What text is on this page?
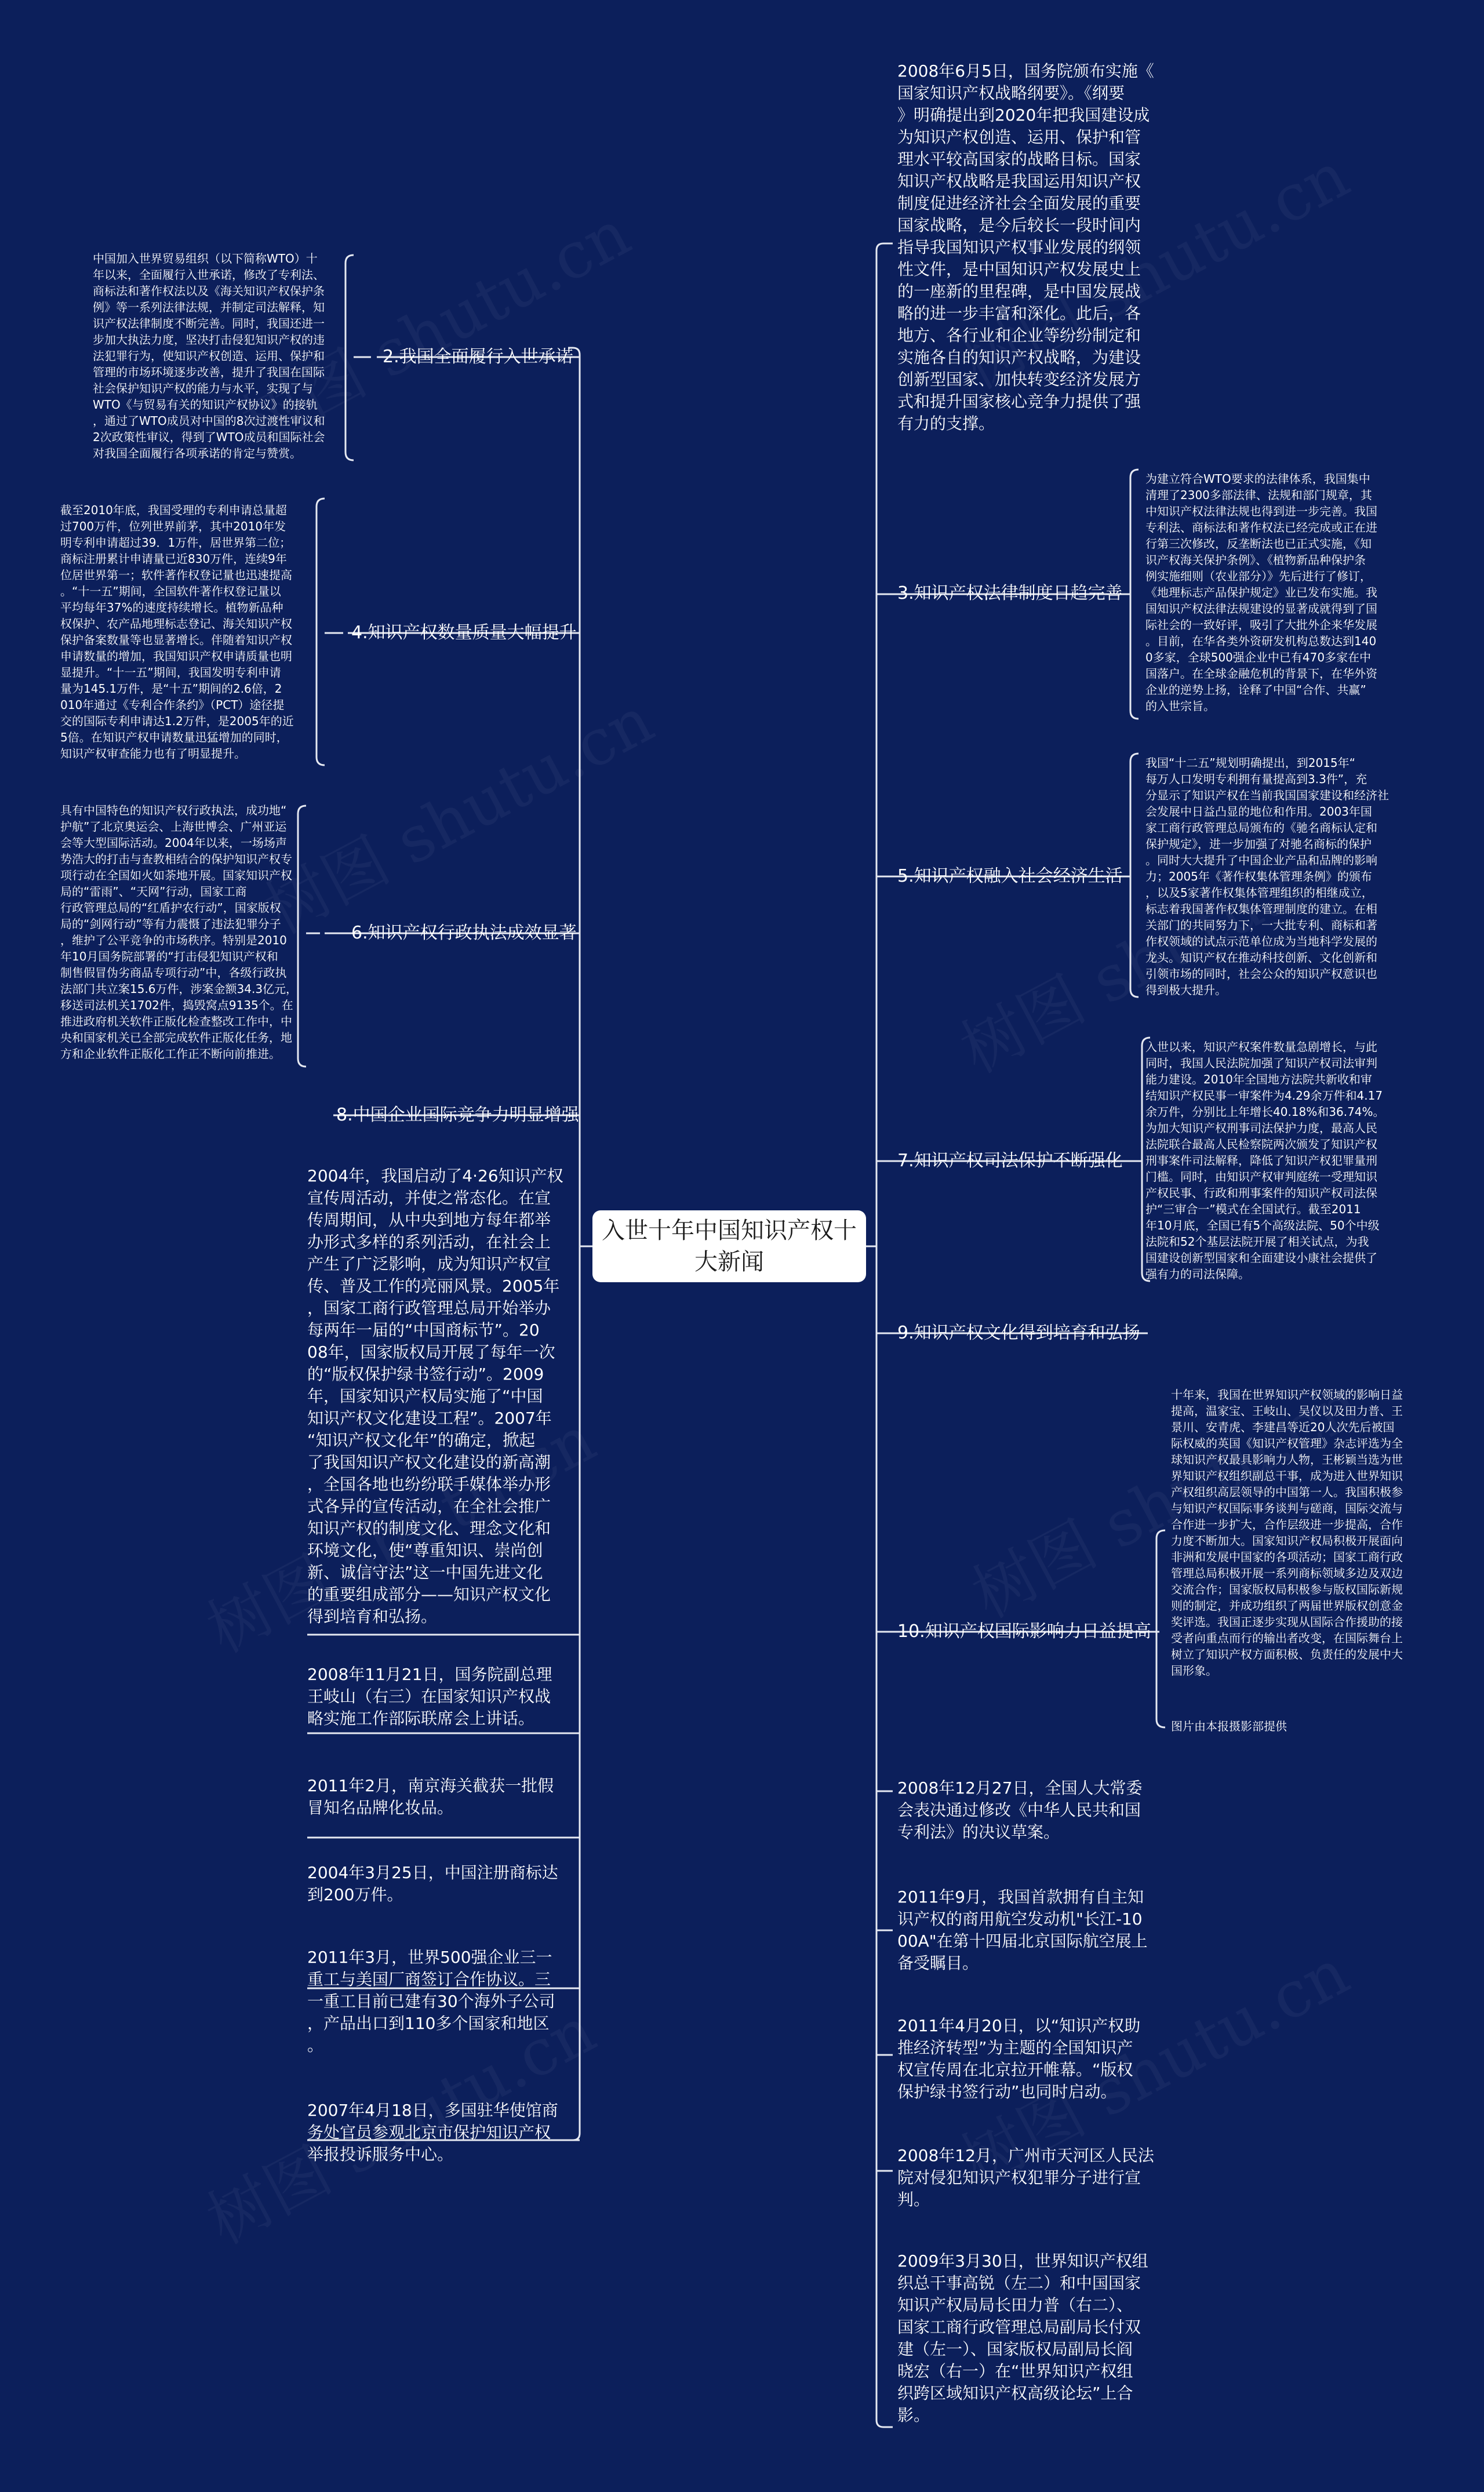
入世十年中国知识产权十
大新闻
2.我国全面履行入世承诺
4.知识产权数量质量大幅提升
6.知识产权行政执法成效显著
8.中国企业国际竞争力明显增强
中国加入世界贸易组织（以下简称WTO）十
年以来，全面履行入世承诺，修改了专利法、
商标法和著作权法以及《海关知识产权保护条
例》等一系列法律法规，并制定司法解释，知
识产权法律制度不断完善。同时，我国还进一
步加大执法力度，坚决打击侵犯知识产权的违
法犯罪行为，使知识产权创造、运用、保护和
管理的市场环境逐步改善，提升了我国在国际
社会保护知识产权的能力与水平，实现了与
WTO《与贸易有关的知识产权协议》的接轨
，通过了WTO成员对中国的8次过渡性审议和
2次政策性审议，得到了WTO成员和国际社会
对我国全面履行各项承诺的肯定与赞赏。
截至2010年底，我国受理的专利申请总量超
过700万件，位列世界前茅，其中2010年发
明专利申请超过39．1万件，居世界第二位；
商标注册累计申请量已近830万件，连续9年
位居世界第一；软件著作权登记量也迅速提高
。“十一五”期间，全国软件著作权登记量以
平均每年37%的速度持续增长。植物新品种
权保护、农产品地理标志登记、海关知识产权
保护备案数量等也显著增长。伴随着知识产权
申请数量的增加，我国知识产权申请质量也明
显提升。“十一五”期间，我国发明专利申请
量为145.1万件，是“十五”期间的2.6倍，2
010年通过《专利合作条约》（PCT）途径提
交的国际专利申请达1.2万件，是2005年的近
5倍。在知识产权申请数量迅猛增加的同时，
知识产权审查能力也有了明显提升。
具有中国特色的知识产权行政执法，成功地“
护航”了北京奥运会、上海世博会、广州亚运
会等大型国际活动。2004年以来，一场场声
势浩大的打击与查教相结合的保护知识产权专
项行动在全国如火如荼地开展。国家知识产权
局的“雷雨”、“天网”行动，国家工商
行政管理总局的“红盾护农行动”，国家版权
局的“剑网行动”等有力震慑了违法犯罪分子
，维护了公平竞争的市场秩序。特别是2010
年10月国务院部署的“打击侵犯知识产权和
制售假冒伪劣商品专项行动”中，各级行政执
法部门共立案15.6万件，涉案金额34.3亿元，
移送司法机关1702件，捣毁窝点9135个。在
推进政府机关软件正版化检查整改工作中，中
央和国家机关已全部完成软件正版化任务，地
方和企业软件正版化工作正不断向前推进。
2004年，我国启动了4·26知识产权
宣传周活动，并使之常态化。在宣
传周期间，从中央到地方每年都举
办形式多样的系列活动，在社会上
产生了广泛影响，成为知识产权宣
传、普及工作的亮丽风景。2005年
，国家工商行政管理总局开始举办
每两年一届的“中国商标节”。20
08年，国家版权局开展了每年一次
的“版权保护绿书签行动”。2009
年，国家知识产权局实施了“中国
知识产权文化建设工程”。2007年
“知识产权文化年”的确定，掀起
了我国知识产权文化建设的新高潮
，全国各地也纷纷联手媒体举办形
式各异的宣传活动，在全社会推广
知识产权的制度文化、理念文化和
环境文化，使“尊重知识、崇尚创
新、诚信守法”这一中国先进文化
的重要组成部分——知识产权文化
得到培育和弘扬。
2008年11月21日，国务院副总理
王岐山（右三）在国家知识产权战
略实施工作部际联席会上讲话。
2011年2月，南京海关截获一批假
冒知名品牌化妆品。
2004年3月25日，中国注册商标达
到200万件。
2011年3月，世界500强企业三一
重工与美国厂商签订合作协议。三
一重工目前已建有30个海外子公司
，产品出口到110多个国家和地区
。
2007年4月18日，多国驻华使馆商
务处官员参观北京市保护知识产权
举报投诉服务中心。
2008年6月5日，国务院颁布实施《
国家知识产权战略纲要》。《纲要
》明确提出到2020年把我国建设成
为知识产权创造、运用、保护和管
理水平较高国家的战略目标。国家
知识产权战略是我国运用知识产权
制度促进经济社会全面发展的重要
国家战略，是今后较长一段时间内
指导我国知识产权事业发展的纲领
性文件，是中国知识产权发展史上
的一座新的里程碑，是中国发展战
略的进一步丰富和深化。此后，各
地方、各行业和企业等纷纷制定和
实施各自的知识产权战略，为建设
创新型国家、加快转变经济发展方
式和提升国家核心竞争力提供了强
有力的支撑。
3.知识产权法律制度日趋完善
5.知识产权融入社会经济生活
7.知识产权司法保护不断强化
9.知识产权文化得到培育和弘扬
10.知识产权国际影响力日益提高
为建立符合WTO要求的法律体系，我国集中
清理了2300多部法律、法规和部门规章，其
中知识产权法律法规也得到进一步完善。我国
专利法、商标法和著作权法已经完成或正在进
行第三次修改，反垄断法也已正式实施，《知
识产权海关保护条例》、《植物新品种保护条
例实施细则（农业部分）》先后进行了修订，
《地理标志产品保护规定》业已发布实施。我
国知识产权法律法规建设的显著成就得到了国
际社会的一致好评，吸引了大批外企来华发展
。目前，在华各类外资研发机构总数达到140
0多家，全球500强企业中已有470多家在中
国落户。在全球金融危机的背景下，在华外资
企业的逆势上扬，诠释了中国“合作、共赢”
的入世宗旨。
我国“十二五”规划明确提出，到2015年“
每万人口发明专利拥有量提高到3.3件”，充
分显示了知识产权在当前我国国家建设和经济社
会发展中日益凸显的地位和作用。2003年国
家工商行政管理总局颁布的《驰名商标认定和
保护规定》，进一步加强了对驰名商标的保护
。同时大大提升了中国企业产品和品牌的影响
力；2005年《著作权集体管理条例》的颁布
，以及5家著作权集体管理组织的相继成立，
标志着我国著作权集体管理制度的建立。在相
关部门的共同努力下，一大批专利、商标和著
作权领域的试点示范单位成为当地科学发展的
龙头。知识产权在推动科技创新、文化创新和
引领市场的同时，社会公众的知识产权意识也
得到极大提升。
入世以来，知识产权案件数量急剧增长，与此
同时，我国人民法院加强了知识产权司法审判
能力建设。2010年全国地方法院共新收和审
结知识产权民事一审案件为4.29余万件和4.17
余万件，分别比上年增长40.18%和36.74%。
为加大知识产权刑事司法保护力度，最高人民
法院联合最高人民检察院两次颁发了知识产权
刑事案件司法解释，降低了知识产权犯罪量刑
门槛。同时，由知识产权审判庭统一受理知识
产权民事、行政和刑事案件的知识产权司法保
护“三审合一”模式在全国试行。截至2011
年10月底，全国已有5个高级法院、50个中级
法院和52个基层法院开展了相关试点，为我
国建设创新型国家和全面建设小康社会提供了
强有力的司法保障。
十年来，我国在世界知识产权领域的影响日益
提高，温家宝、王岐山、吴仪以及田力普、王
景川、安青虎、李建昌等近20人次先后被国
际权威的英国《知识产权管理》杂志评选为全
球知识产权最具影响力人物，王彬颖当选为世
界知识产权组织副总干事，成为进入世界知识
产权组织高层领导的中国第一人。我国积极参
与知识产权国际事务谈判与磋商，国际交流与
合作进一步扩大，合作层级进一步提高，合作
力度不断加大。国家知识产权局积极开展面向
非洲和发展中国家的各项活动；国家工商行政
管理总局积极开展一系列商标领域多边及双边
交流合作；国家版权局积极参与版权国际新规
则的制定，并成功组织了两届世界版权创意金
奖评选。我国正逐步实现从国际合作援助的接
受者向重点而行的输出者改变，在国际舞台上
树立了知识产权方面积极、负责任的发展中大
国形象。
图片由本报摄影部提供
2008年12月27日，全国人大常委
会表决通过修改《中华人民共和国
专利法》的决议草案。
2011年9月，我国首款拥有自主知
识产权的商用航空发动机"长江-10
00A"在第十四届北京国际航空展上
备受瞩目。
2011年4月20日，以“知识产权助
推经济转型”为主题的全国知识产
权宣传周在北京拉开帷幕。“版权
保护绿书签行动”也同时启动。
2008年12月，广州市天河区人民法
院对侵犯知识产权犯罪分子进行宣
判。
2009年3月30日，世界知识产权组
织总干事高锐（左二）和中国国家
知识产权局局长田力普（右二）、
国家工商行政管理总局副局长付双
建（左一）、国家版权局副局长阎
晓宏（右一）在“世界知识产权组
织跨区域知识产权高级论坛”上合
影。
